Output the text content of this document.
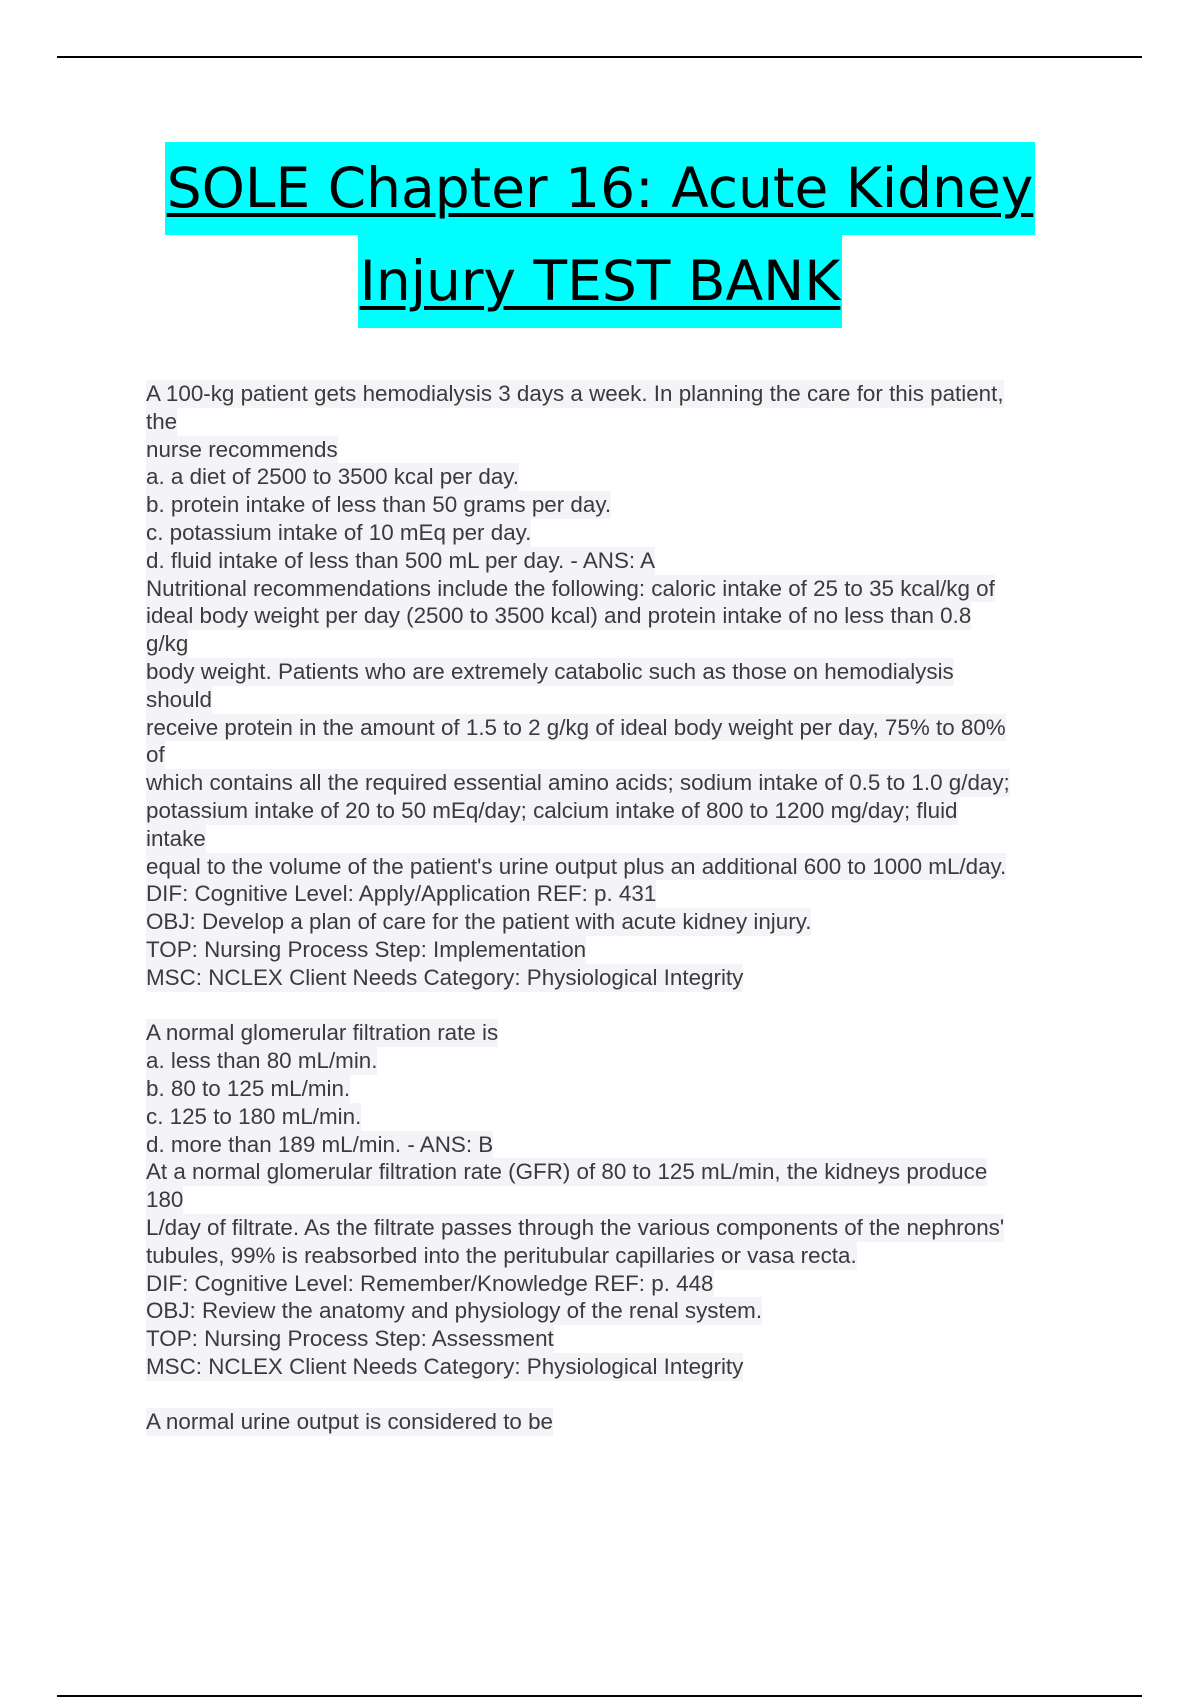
SOLE Chapter 16: Acute Kidney
Injury TEST BANK
A 100-kg patient gets hemodialysis 3 days a week. In planning the care for this patient,
the
nurse recommends
a. a diet of 2500 to 3500 kcal per day.
b. protein intake of less than 50 grams per day.
c. potassium intake of 10 mEq per day.
d. fluid intake of less than 500 mL per day. - ANS: A
Nutritional recommendations include the following: caloric intake of 25 to 35 kcal/kg of
ideal body weight per day (2500 to 3500 kcal) and protein intake of no less than 0.8
g/kg
body weight. Patients who are extremely catabolic such as those on hemodialysis
should
receive protein in the amount of 1.5 to 2 g/kg of ideal body weight per day, 75% to 80%
of
which contains all the required essential amino acids; sodium intake of 0.5 to 1.0 g/day;
potassium intake of 20 to 50 mEq/day; calcium intake of 800 to 1200 mg/day; fluid
intake
equal to the volume of the patient's urine output plus an additional 600 to 1000 mL/day.
DIF: Cognitive Level: Apply/Application REF: p. 431
OBJ: Develop a plan of care for the patient with acute kidney injury.
TOP: Nursing Process Step: Implementation
MSC: NCLEX Client Needs Category: Physiological Integrity
A normal glomerular filtration rate is
a. less than 80 mL/min.
b. 80 to 125 mL/min.
c. 125 to 180 mL/min.
d. more than 189 mL/min. - ANS: B
At a normal glomerular filtration rate (GFR) of 80 to 125 mL/min, the kidneys produce
180
L/day of filtrate. As the filtrate passes through the various components of the nephrons'
tubules, 99% is reabsorbed into the peritubular capillaries or vasa recta.
DIF: Cognitive Level: Remember/Knowledge REF: p. 448
OBJ: Review the anatomy and physiology of the renal system.
TOP: Nursing Process Step: Assessment
MSC: NCLEX Client Needs Category: Physiological Integrity
A normal urine output is considered to be
